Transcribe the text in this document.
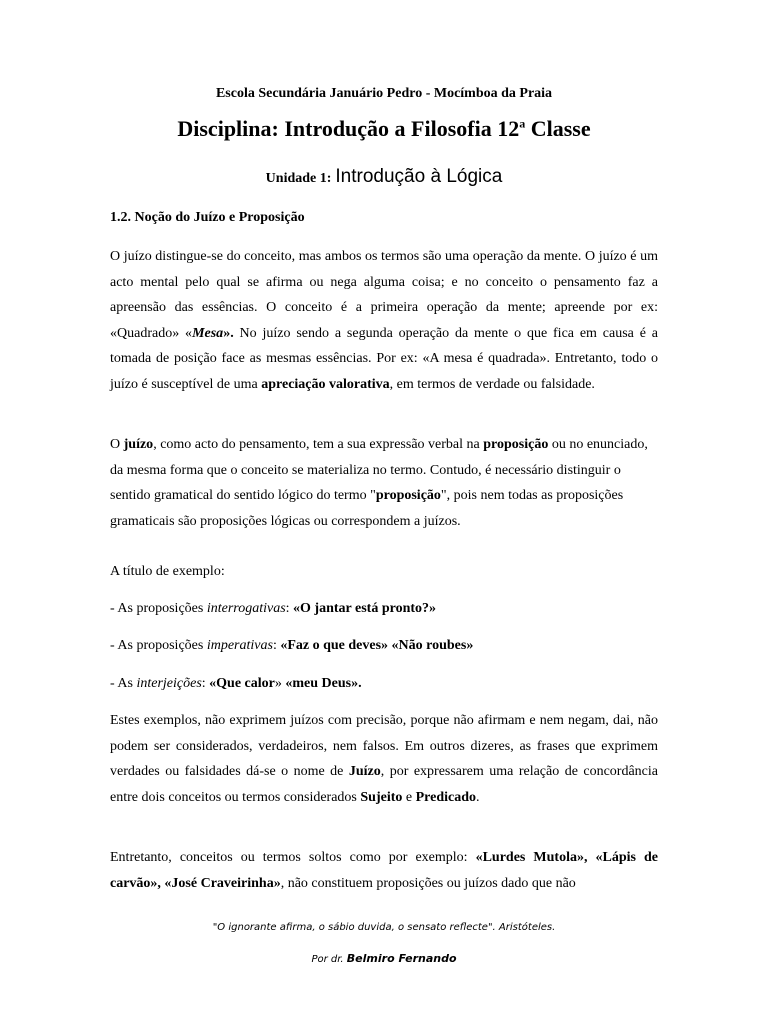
Escola Secundária Januário Pedro - Mocímboa da Praia
Disciplina: Introdução a Filosofia 12$^a$ Classe
Unidade 1: Introdução à Lógica
1.2. Noção do Juízo e Proposição
O juízo distingue-se do conceito, mas ambos os termos são uma operação da mente. O juízo é um acto mental pelo qual se afirma ou nega alguma coisa; e no conceito o pensamento faz a apreensão das essências. O conceito é a primeira operação da mente; apreende por ex: «Quadrado» «Mesa». No juízo sendo a segunda operação da mente o que fica em causa é a tomada de posição face as mesmas essências. Por ex: «A mesa é quadrada». Entretanto, todo o juízo é susceptível de uma apreciação valorativa, em termos de verdade ou falsidade.
O juízo, como acto do pensamento, tem a sua expressão verbal na proposição ou no enunciado, da mesma forma que o conceito se materializa no termo. Contudo, é necessário distinguir o sentido gramatical do sentido lógico do termo "proposição", pois nem todas as proposições gramaticais são proposições lógicas ou correspondem a juízos.
A título de exemplo:
- As proposições interrogativas: «O jantar está pronto?»
- As proposições imperativas: «Faz o que deves» «Não roubes»
- As interjeições: «Que calor» «meu Deus».
Estes exemplos, não exprimem juízos com precisão, porque não afirmam e nem negam, dai, não podem ser considerados, verdadeiros, nem falsos. Em outros dizeres, as frases que exprimem verdades ou falsidades dá-se o nome de Juízo, por expressarem uma relação de concordância entre dois conceitos ou termos considerados Sujeito e Predicado.
Entretanto, conceitos ou termos soltos como por exemplo: «Lurdes Mutola», «Lápis de carvão», «José Craveirinha», não constituem proposições ou juízos dado que não
"O ignorante afirma, o sábio duvida, o sensato reflecte". Aristóteles.
Por dr. Belmiro Fernando
